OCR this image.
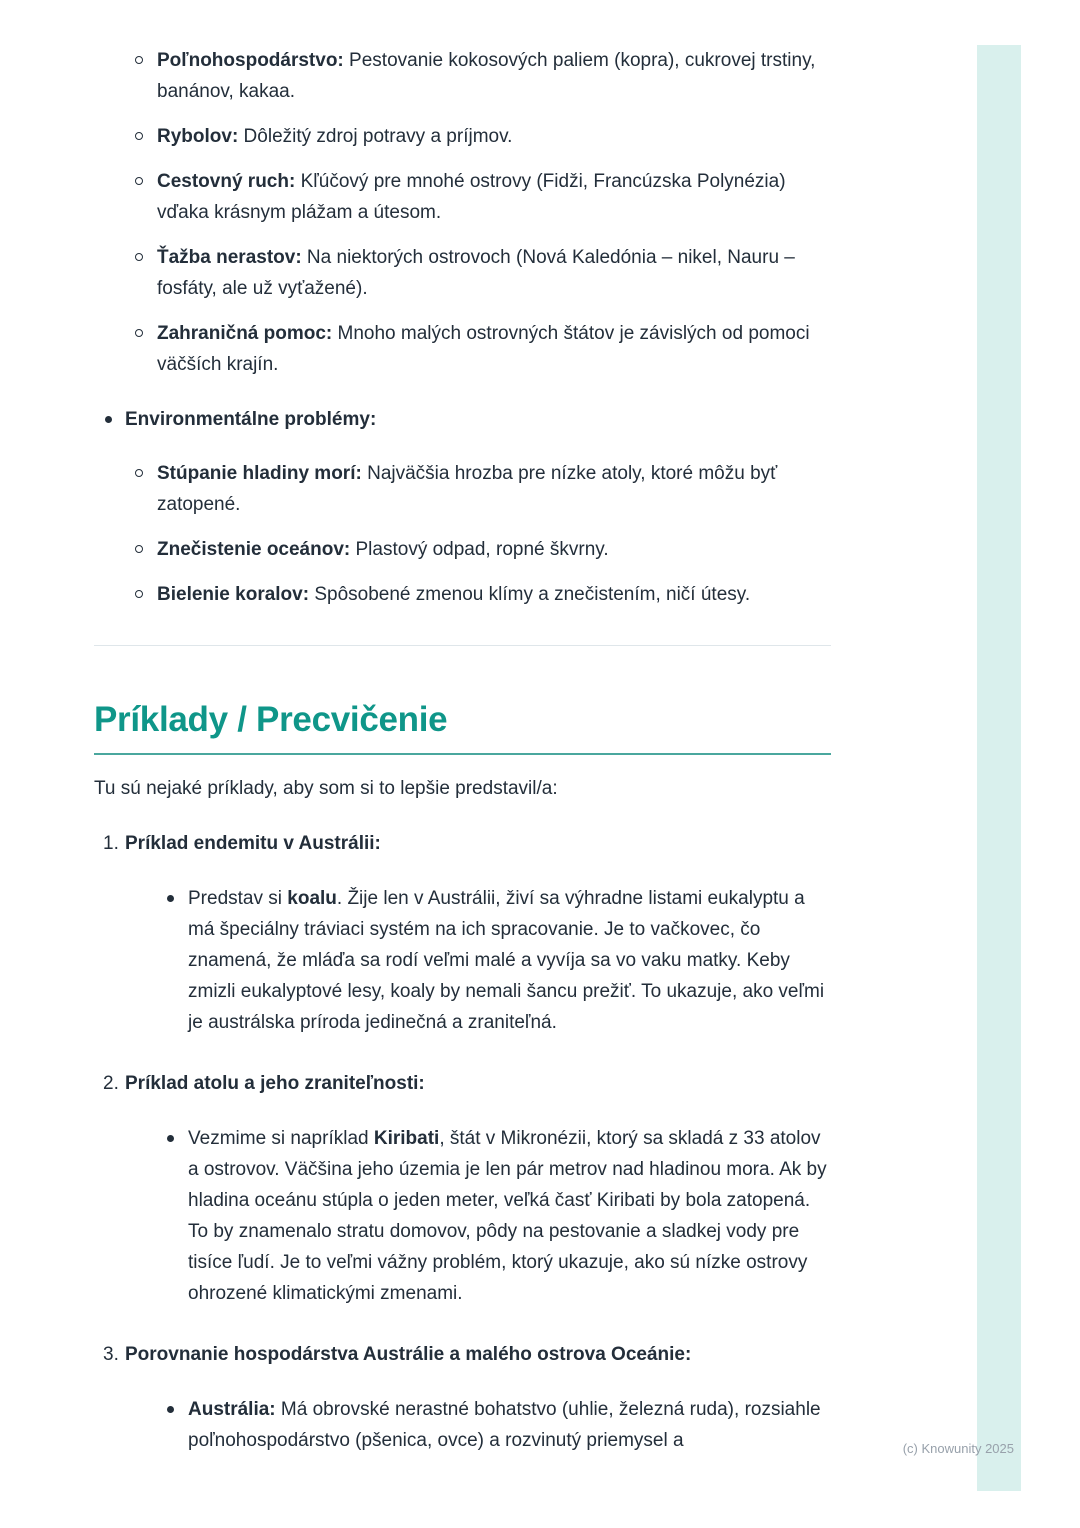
Poľnohospodárstvo: Pestovanie kokosových paliem (kopra), cukrovej trstiny, banánov, kakaa.

Rybolov: Dôležitý zdroj potravy a príjmov.

Cestovný ruch: Kľúčový pre mnohé ostrovy (Fidži, Francúzska Polynézia) vďaka krásnym plážam a útesom.

Ťažba nerastov: Na niektorých ostrovoch (Nová Kaledónia – nikel, Nauru – fosfáty, ale už vyťažené).

Zahraničná pomoc: Mnoho malých ostrovných štátov je závislých od pomoci väčších krajín.

Environmentálne problémy:

Stúpanie hladiny morí: Najväčšia hrozba pre nízke atoly, ktoré môžu byť zatopené.

Znečistenie oceánov: Plastový odpad, ropné škvrny.

Bielenie koralov: Spôsobené zmenou klímy a znečistením, ničí útesy.

Príklady / Precvičenie

Tu sú nejaké príklady, aby som si to lepšie predstavil/a:

1. Príklad endemitu v Austrálii:

Predstav si koalu. Žije len v Austrálii, živí sa výhradne listami eukalyptu a má špeciálny tráviaci systém na ich spracovanie. Je to vačkovec, čo znamená, že mláďa sa rodí veľmi malé a vyvíja sa vo vaku matky. Keby zmizli eukalyptové lesy, koaly by nemali šancu prežiť. To ukazuje, ako veľmi je austrálska príroda jedinečná a zraniteľná.

2. Príklad atolu a jeho zraniteľnosti:

Vezmime si napríklad Kiribati, štát v Mikronézii, ktorý sa skladá z 33 atolov a ostrovov. Väčšina jeho územia je len pár metrov nad hladinou mora. Ak by hladina oceánu stúpla o jeden meter, veľká časť Kiribati by bola zatopená. To by znamenalo stratu domovov, pôdy na pestovanie a sladkej vody pre tisíce ľudí. Je to veľmi vážny problém, ktorý ukazuje, ako sú nízke ostrovy ohrozené klimatickými zmenami.

3. Porovnanie hospodárstva Austrálie a malého ostrova Oceánie:

Austrália: Má obrovské nerastné bohatstvo (uhlie, železná ruda), rozsiahle poľnohospodárstvo (pšenica, ovce) a rozvinutý priemysel a	(c) Knowunity 2025
